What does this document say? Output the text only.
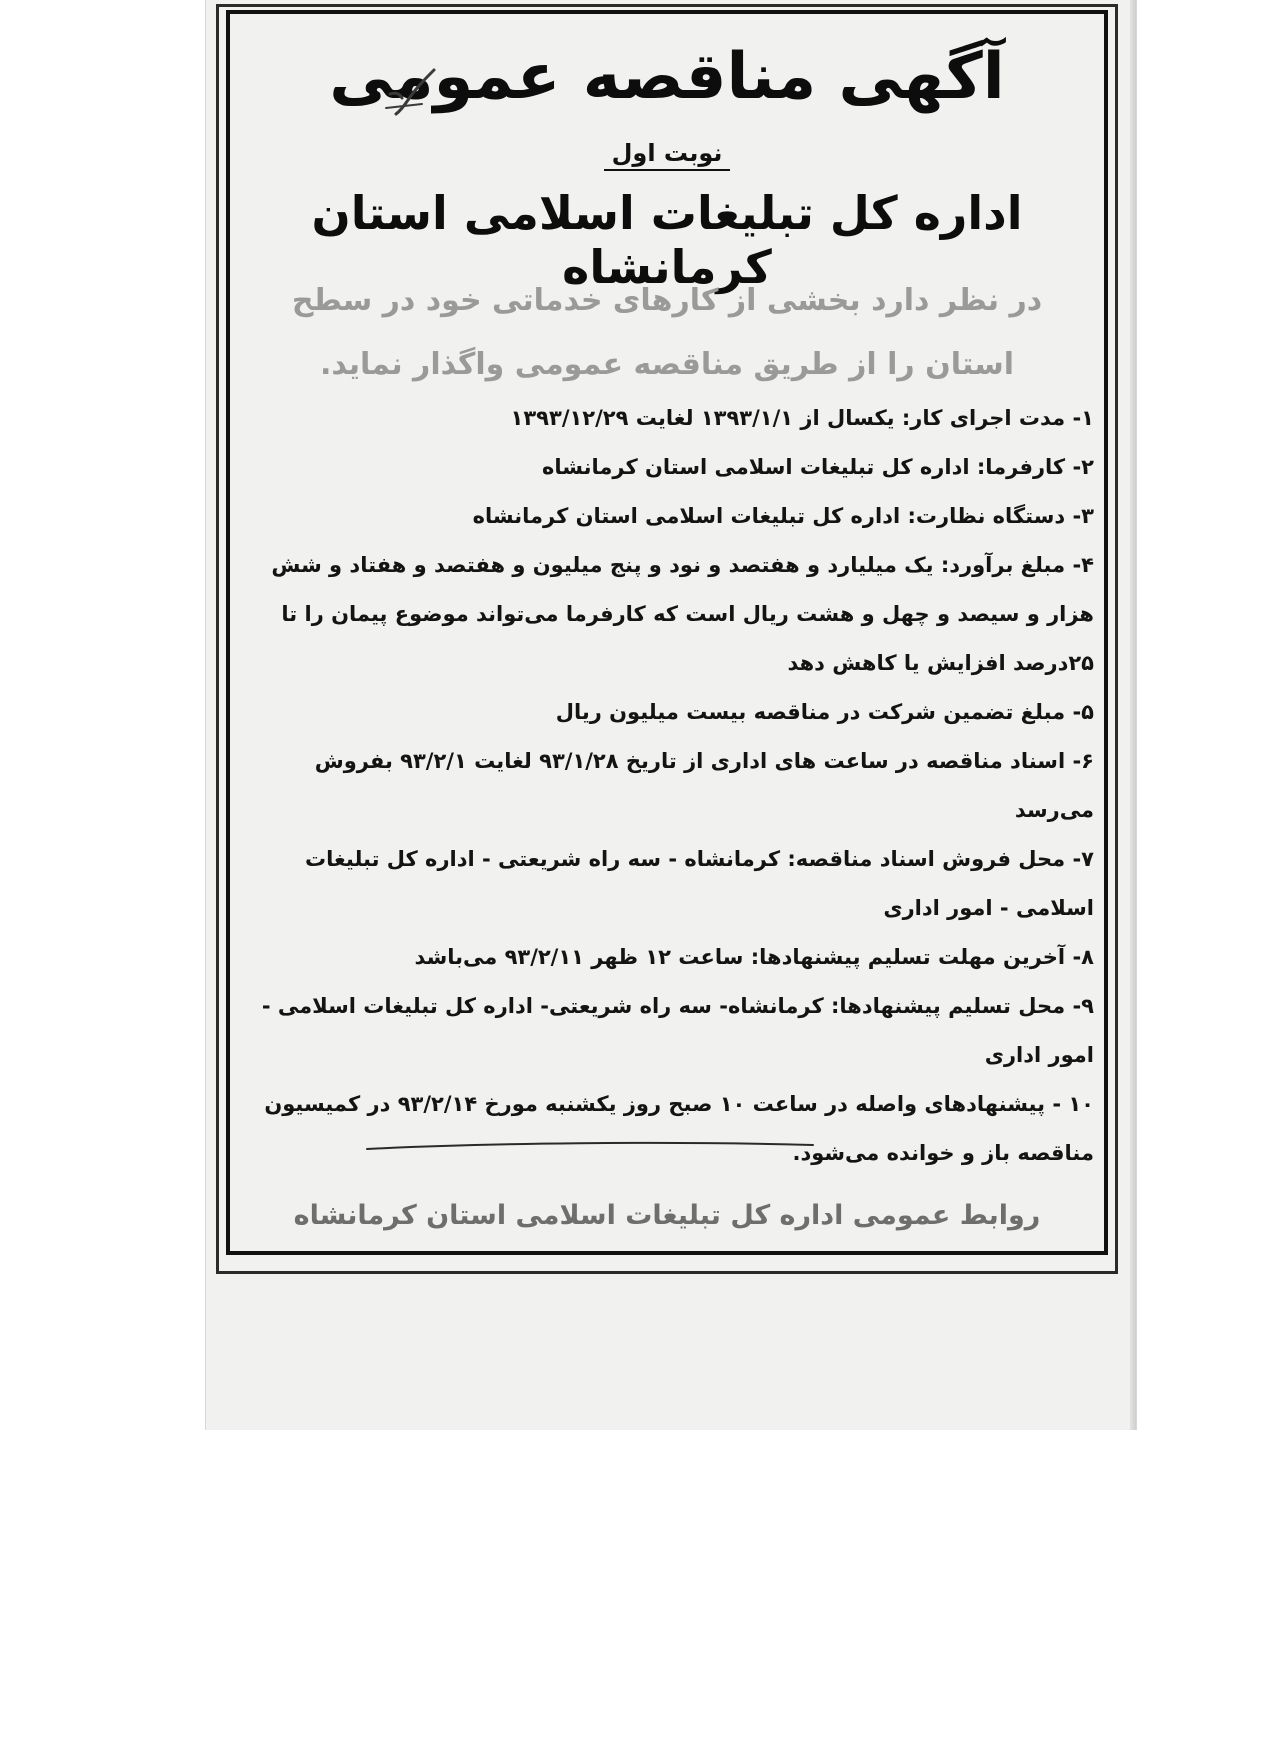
آگهی مناقصه عمومی
نوبت اول
اداره کل تبلیغات اسلامی استان کرمانشاه
در نظر دارد بخشی از کارهای خدماتی خود در سطح استان را از طریق مناقصه عمومی واگذار نماید.

۱- مدت اجرای کار: یکسال از ۱۳۹۳/۱/۱ لغایت ۱۳۹۳/۱۲/۲۹

۲- کارفرما: اداره کل تبلیغات اسلامی استان کرمانشاه

۳- دستگاه نظارت: اداره کل تبلیغات اسلامی استان کرمانشاه

۴- مبلغ برآورد: یک میلیارد و هفتصد و نود و پنج میلیون و هفتصد و هفتاد و شش هزار و سیصد و چهل و هشت ریال است که کارفرما می‌تواند موضوع پیمان را تا ۲۵درصد افزایش یا کاهش دهد

۵- مبلغ تضمین شرکت در مناقصه بیست میلیون ریال

۶- اسناد مناقصه در ساعت های اداری از تاریخ ۹۳/۱/۲۸ لغایت ۹۳/۲/۱ بفروش می‌رسد

۷- محل فروش اسناد مناقصه: کرمانشاه - سه راه شریعتی - اداره کل تبلیغات اسلامی - امور اداری

۸- آخرین مهلت تسلیم پیشنهادها: ساعت ۱۲ ظهر ۹۳/۲/۱۱ می‌باشد

۹- محل تسلیم پیشنهادها: کرمانشاه- سه راه شریعتی- اداره کل تبلیغات اسلامی - امور اداری

۱۰ - پیشنهادهای واصله در ساعت ۱۰ صبح روز یکشنبه مورخ ۹۳/۲/۱۴ در کمیسیون مناقصه باز و خوانده می‌شود.

روابط عمومی اداره کل تبلیغات اسلامی استان کرمانشاه
